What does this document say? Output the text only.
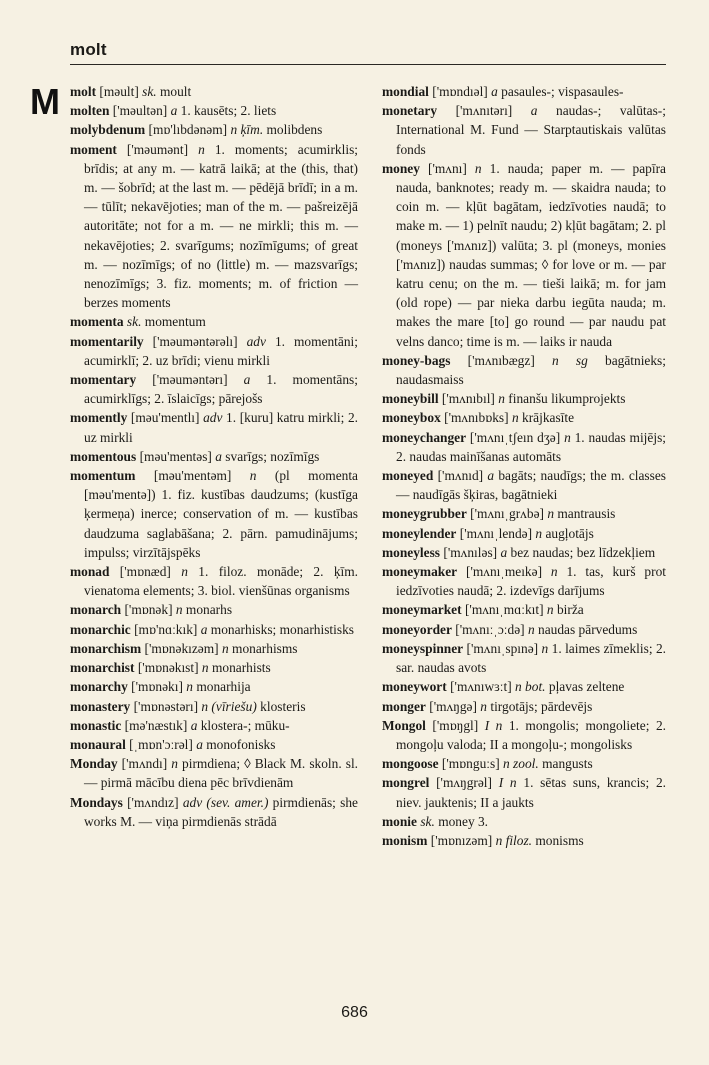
molt
M molt [məult] sk. moult

molten ['məultən] a 1. kausēts; 2. liets

molybdenum [mɒ'lıbdənəm] n ķīm. molibdens

moment ['məumənt] n 1. moments; acumirklis; brīdis; at any m. — katrā laikā; at the (this, that) m. — šobrīd; at the last m. — pēdējā brīdī; in a m. — tūlīt; nekavējoties; man of the m. — pašreizējā autoritāte; not for a m. — ne mirkli; this m. — nekavējoties; 2. svarīgums; nozīmīgums; of great m. — nozīmīgs; of no (little) m. — mazsvarīgs; nenozīmīgs; 3. fiz. moments; m. of friction — berzes moments

momenta sk. momentum

momentarily ['məuməntərəlı] adv 1. momentāni; acumirklī; 2. uz brīdi; vienu mirkli

momentary ['məuməntərı] a 1. momentāns; acumirklīgs; 2. īslaicīgs; pārejošs

momently [məu'mentlı] adv 1. [kuru] katru mirkli; 2. uz mirkli

momentous [məu'mentəs] a svarīgs; nozīmīgs

momentum [məu'mentəm] n (pl momenta [məu'mentə]) 1. fiz. kustības daudzums; (kustīga ķermeņa) inerce; conservation of m. — kustības daudzuma saglabāšana; 2. pārn. pamudinājums; impulss; virzītājspēks

monad ['mɒnæd] n 1. filoz. monāde; 2. ķīm. vienatoma elements; 3. biol. vienšūnas organisms

monarch ['mɒnək] n monarhs

monarchic [mɒ'nɑːkık] a monarhisks; monarhistisks

monarchism ['mɒnəkızəm] n monarhisms

monarchist ['mɒnəkıst] n monarhists

monarchy ['mɒnəkı] n monarhija

monastery ['mɒnəstərı] n (vīriešu) klosteris

monastic [mə'næstık] a klostera-; mūku-

monaural [ˌmɒn'ɔːrəl] a monofonisks

Monday ['mʌndı] n pirmdiena; ◊ Black M. skoln. sl. — pirmā mācību diena pēc brīvdienām

Mondays ['mʌndız] adv (sev. amer.) pirmdienās; she works M. — viņa pirmdienās strādā

mondial ['mɒndıəl] a pasaules-; vispasaules-

monetary ['mʌnıtərı] a naudas-; valūtas-; International M. Fund — Starptautiskais valūtas fonds

money ['mʌnı] n 1. nauda; paper m. — papīra nauda, banknotes; ready m. — skaidra nauda; to coin m. — kļūt bagātam, iedzīvoties naudā; to make m. — 1) pelnīt naudu; 2) kļūt bagātam; 2. pl (moneys ['mʌnız]) valūta; 3. pl (moneys, monies ['mʌnız]) naudas summas; ◊ for love or m. — par katru cenu; on the m. — tieši laikā; m. for jam (old rope) — par nieka darbu iegūta nauda; m. makes the mare [to] go round — par naudu pat velns danco; time is m. — laiks ir nauda

money-bags ['mʌnıbægz] n sg bagātnieks; naudasmaiss

moneybill ['mʌnıbıl] n finanšu likumprojekts

moneybox ['mʌnıbɒks] n krājkasīte

moneychanger ['mʌnıˌtʃeın dʒə] n 1. naudas mijējs; 2. naudas mainīšanas automāts

moneyed ['mʌnıd] a bagāts; naudīgs; the m. classes — naudīgās šķiras, bagātnieki

moneygrubber ['mʌnıˌgrʌbə] n mantrausis

moneylender ['mʌnıˌlendə] n augļotājs

moneyless ['mʌnıləs] a bez naudas; bez līdzekļiem

moneymaker ['mʌnıˌmeıkə] n 1. tas, kurš prot iedzīvoties naudā; 2. izdevīgs darījums

moneymarket ['mʌnıˌmɑːkıt] n birža

moneyorder ['mʌnıːˌɔːdə] n naudas pārvedums

moneyspinner ['mʌnıˌspınə] n 1. laimes zīmeklis; 2. sar. naudas avots

moneywort ['mʌnıwɜːt] n bot. pļavas zeltene

monger ['mʌŋgə] n tirgotājs; pārdevējs

Mongol ['mɒŋgl] I n 1. mongolis; mongoliete; 2. mongoļu valoda; II a mongoļu-; mongolisks

mongoose ['mɒnguːs] n zool. mangusts

mongrel ['mʌŋgrəl] I n 1. sētas suns, krancis; 2. niev. jauktenis; II a jaukts

monie sk. money 3.

monism ['mɒnızəm] n filoz. monisms

686
